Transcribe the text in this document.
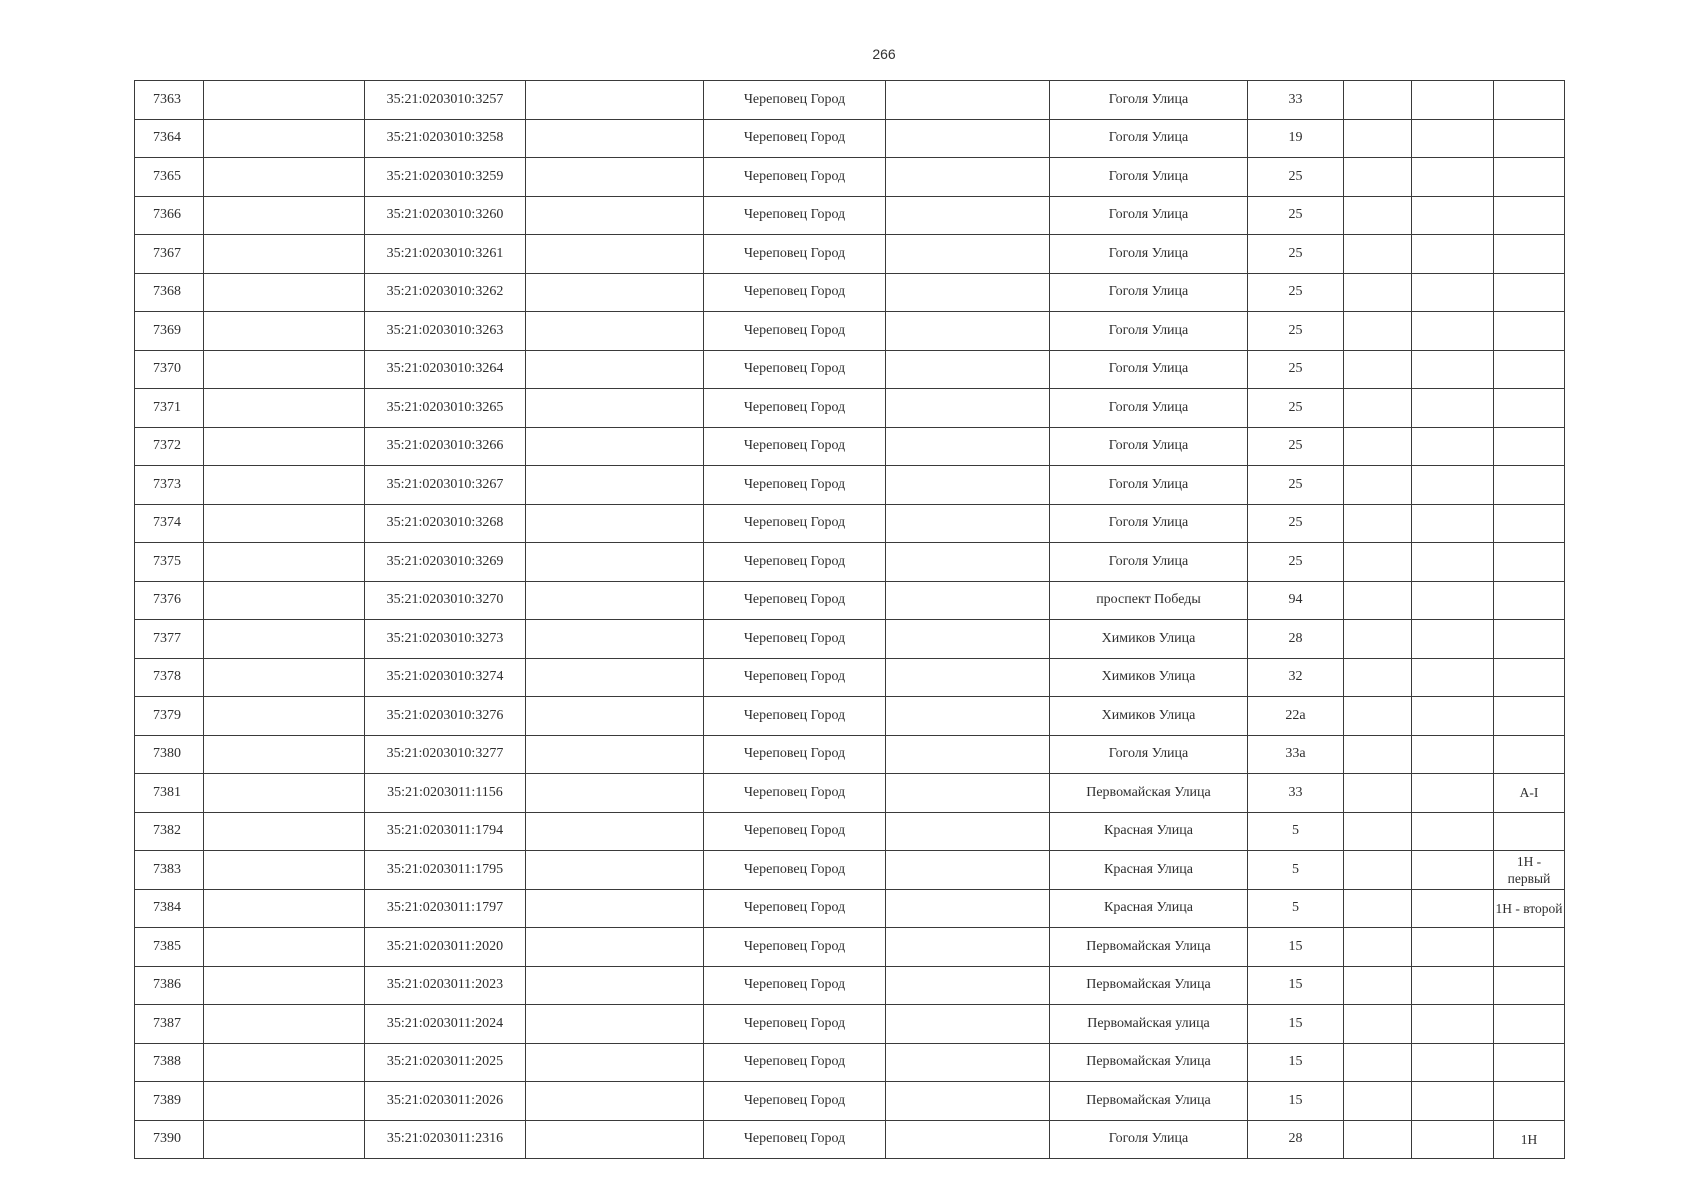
266
7363		35:21:0203010:3257		Череповец Город		Гоголя Улица	33			
7364		35:21:0203010:3258		Череповец Город		Гоголя Улица	19			
7365		35:21:0203010:3259		Череповец Город		Гоголя Улица	25			
7366		35:21:0203010:3260		Череповец Город		Гоголя Улица	25			
7367		35:21:0203010:3261		Череповец Город		Гоголя Улица	25			
7368		35:21:0203010:3262		Череповец Город		Гоголя Улица	25			
7369		35:21:0203010:3263		Череповец Город		Гоголя Улица	25			
7370		35:21:0203010:3264		Череповец Город		Гоголя Улица	25			
7371		35:21:0203010:3265		Череповец Город		Гоголя Улица	25			
7372		35:21:0203010:3266		Череповец Город		Гоголя Улица	25			
7373		35:21:0203010:3267		Череповец Город		Гоголя Улица	25			
7374		35:21:0203010:3268		Череповец Город		Гоголя Улица	25			
7375		35:21:0203010:3269		Череповец Город		Гоголя Улица	25			
7376		35:21:0203010:3270		Череповец Город		проспект Победы	94			
7377		35:21:0203010:3273		Череповец Город		Химиков Улица	28			
7378		35:21:0203010:3274		Череповец Город		Химиков Улица	32			
7379		35:21:0203010:3276		Череповец Город		Химиков Улица	22а			
7380		35:21:0203010:3277		Череповец Город		Гоголя Улица	33а			
7381		35:21:0203011:1156		Череповец Город		Первомайская Улица	33			А-I
7382		35:21:0203011:1794		Череповец Город		Красная Улица	5			
7383		35:21:0203011:1795		Череповец Город		Красная Улица	5			1Н - первый
7384		35:21:0203011:1797		Череповец Город		Красная Улица	5			1Н - второй
7385		35:21:0203011:2020		Череповец Город		Первомайская Улица	15			
7386		35:21:0203011:2023		Череповец Город		Первомайская Улица	15			
7387		35:21:0203011:2024		Череповец Город		Первомайская улица	15			
7388		35:21:0203011:2025		Череповец Город		Первомайская Улица	15			
7389		35:21:0203011:2026		Череповец Город		Первомайская Улица	15			
7390		35:21:0203011:2316		Череповец Город		Гоголя Улица	28			1Н
